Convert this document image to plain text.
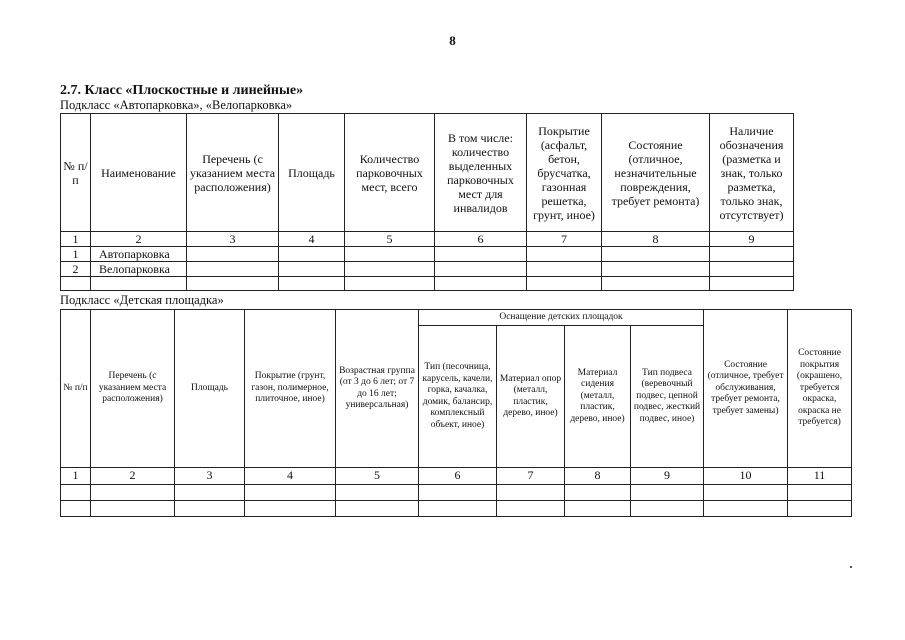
8
2.7. Класс «Плоскостные и линейные»
Подкласс «Автопарковка», «Велопарковка»
№ п/п	Наименование	Перечень (с указанием места расположения)	Площадь	Количество парковочных мест, всего	В том числе: количество выделенных парковочных мест для инвалидов	Покрытие (асфальт, бетон, брусчатка, газонная решетка, грунт, иное)	Состояние (отличное, незначительные повреждения, требует ремонта)	Наличие обозначения (разметка и знак, только разметка, только знак, отсутствует)
1	2	3	4	5	6	7	8	9
1	Автопарковка							
2	Велопарковка							

Подкласс «Детская площадка»
№ п/п	Перечень (с указанием места расположения)	Площадь	Покрытие (грунт, газон, полимерное, плиточное, иное)	Возрастная группа (от 3 до 6 лет; от 7 до 16 лет; универсальная)	Оснащение детских площадок				Состояние (отличное, требует обслуживания, требует ремонта, требует замены)	Состояние покрытия (окрашено, требуется окраска, окраска не требуется)
					Тип (песочница, карусель, качели, горка, качалка, домик, балансир, комплексный объект, иное)	Материал опор (металл, пластик, дерево, иное)	Материал сидения (металл, пластик, дерево, иное)	Тип подвеса (веревочный подвес, цепной подвес, жесткий подвес, иное)		
1	2	3	4	5	6	7	8	9	10	11
